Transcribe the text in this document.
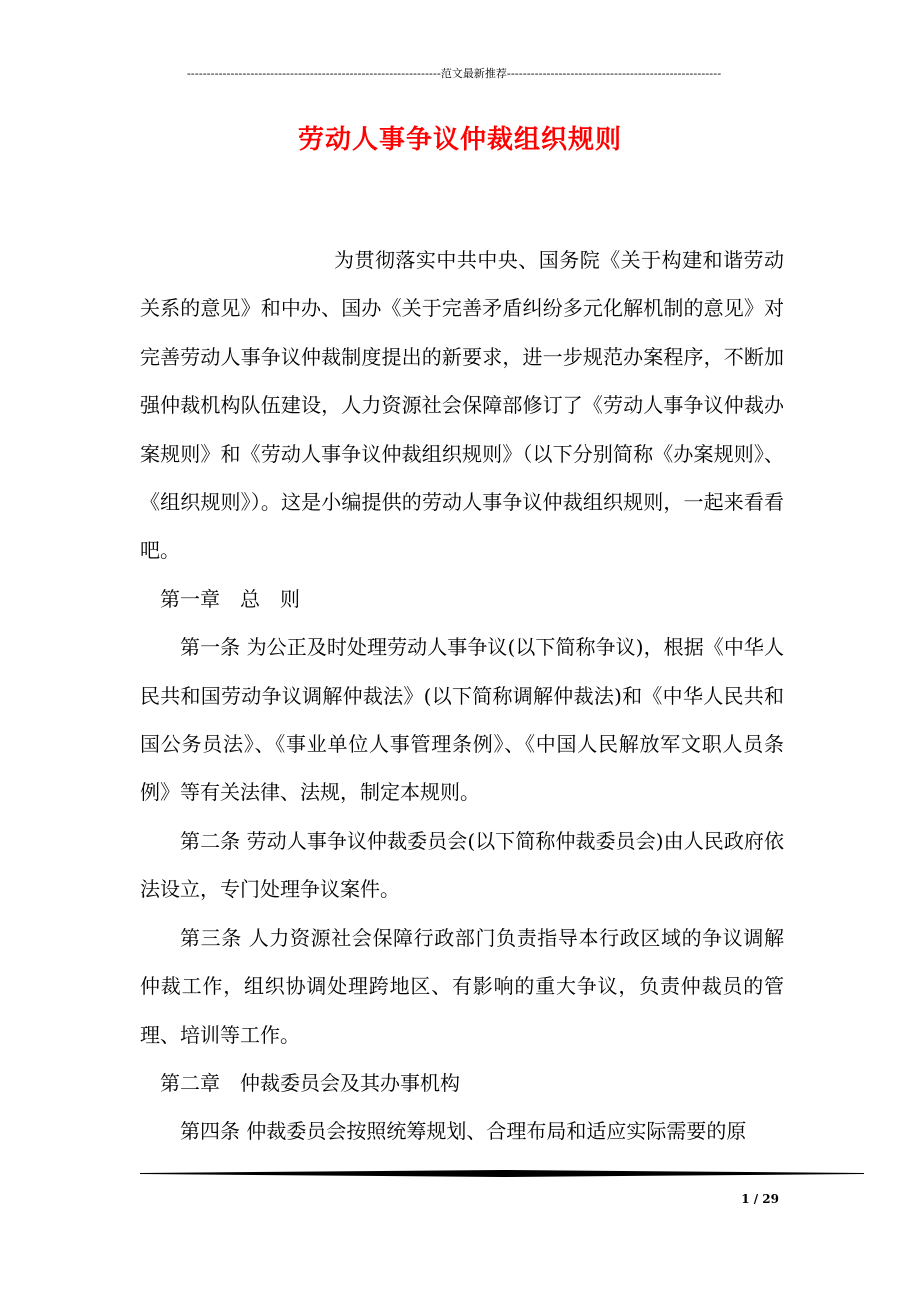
----------------------------------------------------------------范文最新推荐------------------------------------------------------
劳动人事争议仲裁组织规则

为贯彻落实中共中央、国务院《关于构建和谐劳动关系的意见》和中办、国办《关于完善矛盾纠纷多元化解机制的意见》对完善劳动人事争议仲裁制度提出的新要求，进一步规范办案程序，不断加强仲裁机构队伍建设，人力资源社会保障部修订了《劳动人事争议仲裁办案规则》和《劳动人事争议仲裁组织规则》（以下分别简称《办案规则》、《组织规则》）。这是小编提供的劳动人事争议仲裁组织规则，一起来看看吧。

第一章　总　则

第一条 为公正及时处理劳动人事争议(以下简称争议)，根据《中华人民共和国劳动争议调解仲裁法》(以下简称调解仲裁法)和《中华人民共和国公务员法》、《事业单位人事管理条例》、《中国人民解放军文职人员条例》等有关法律、法规，制定本规则。

第二条 劳动人事争议仲裁委员会(以下简称仲裁委员会)由人民政府依法设立，专门处理争议案件。

第三条 人力资源社会保障行政部门负责指导本行政区域的争议调解仲裁工作，组织协调处理跨地区、有影响的重大争议，负责仲裁员的管理、培训等工作。

第二章　仲裁委员会及其办事机构

第四条 仲裁委员会按照统筹规划、合理布局和适应实际需要的原

1 / 29
